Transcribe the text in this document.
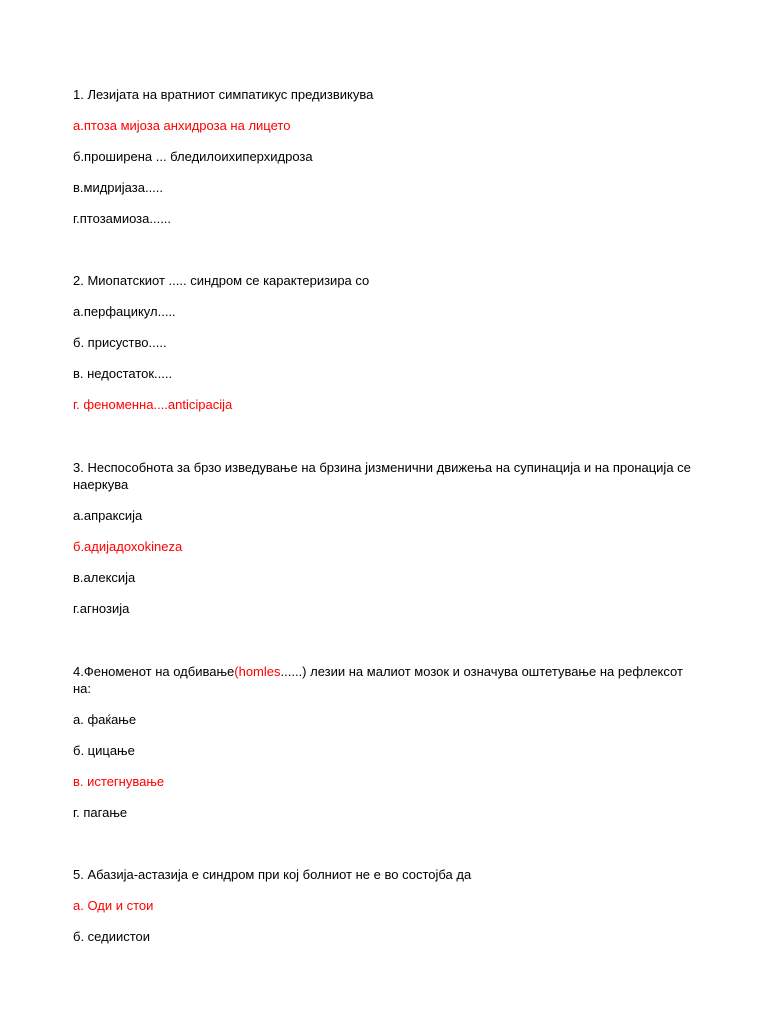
1. Лезијата на вратниот симпатикус предизвикува
а.птоза мијоза анхидроза на лицето
б.проширена ... бледилоихиперхидроза
в.мидријаза.....
г.птозамиоза......
2. Миопатскиот ..... синдром се карактеризира со
а.перфацикул.....
б. присуство.....
в. недостаток.....
г. феноменна....anticipacija
3. Неспособнота за брзо изведување на брзина јизменични движења на супинација и на пронација се наеркува
а.апраксија
б.адијадохokineza
в.алексија
г.агнозија
4.Феноменот на одбивање(homles......) лезии на малиот мозок и означува оштетување на рефлексот на:
а. фаќање
б. цицање
в. истегнување
г. пагање
5. Абазија-астазија е синдром при кој болниот не е во состојба да
а. Оди и стои
б. седиистои
